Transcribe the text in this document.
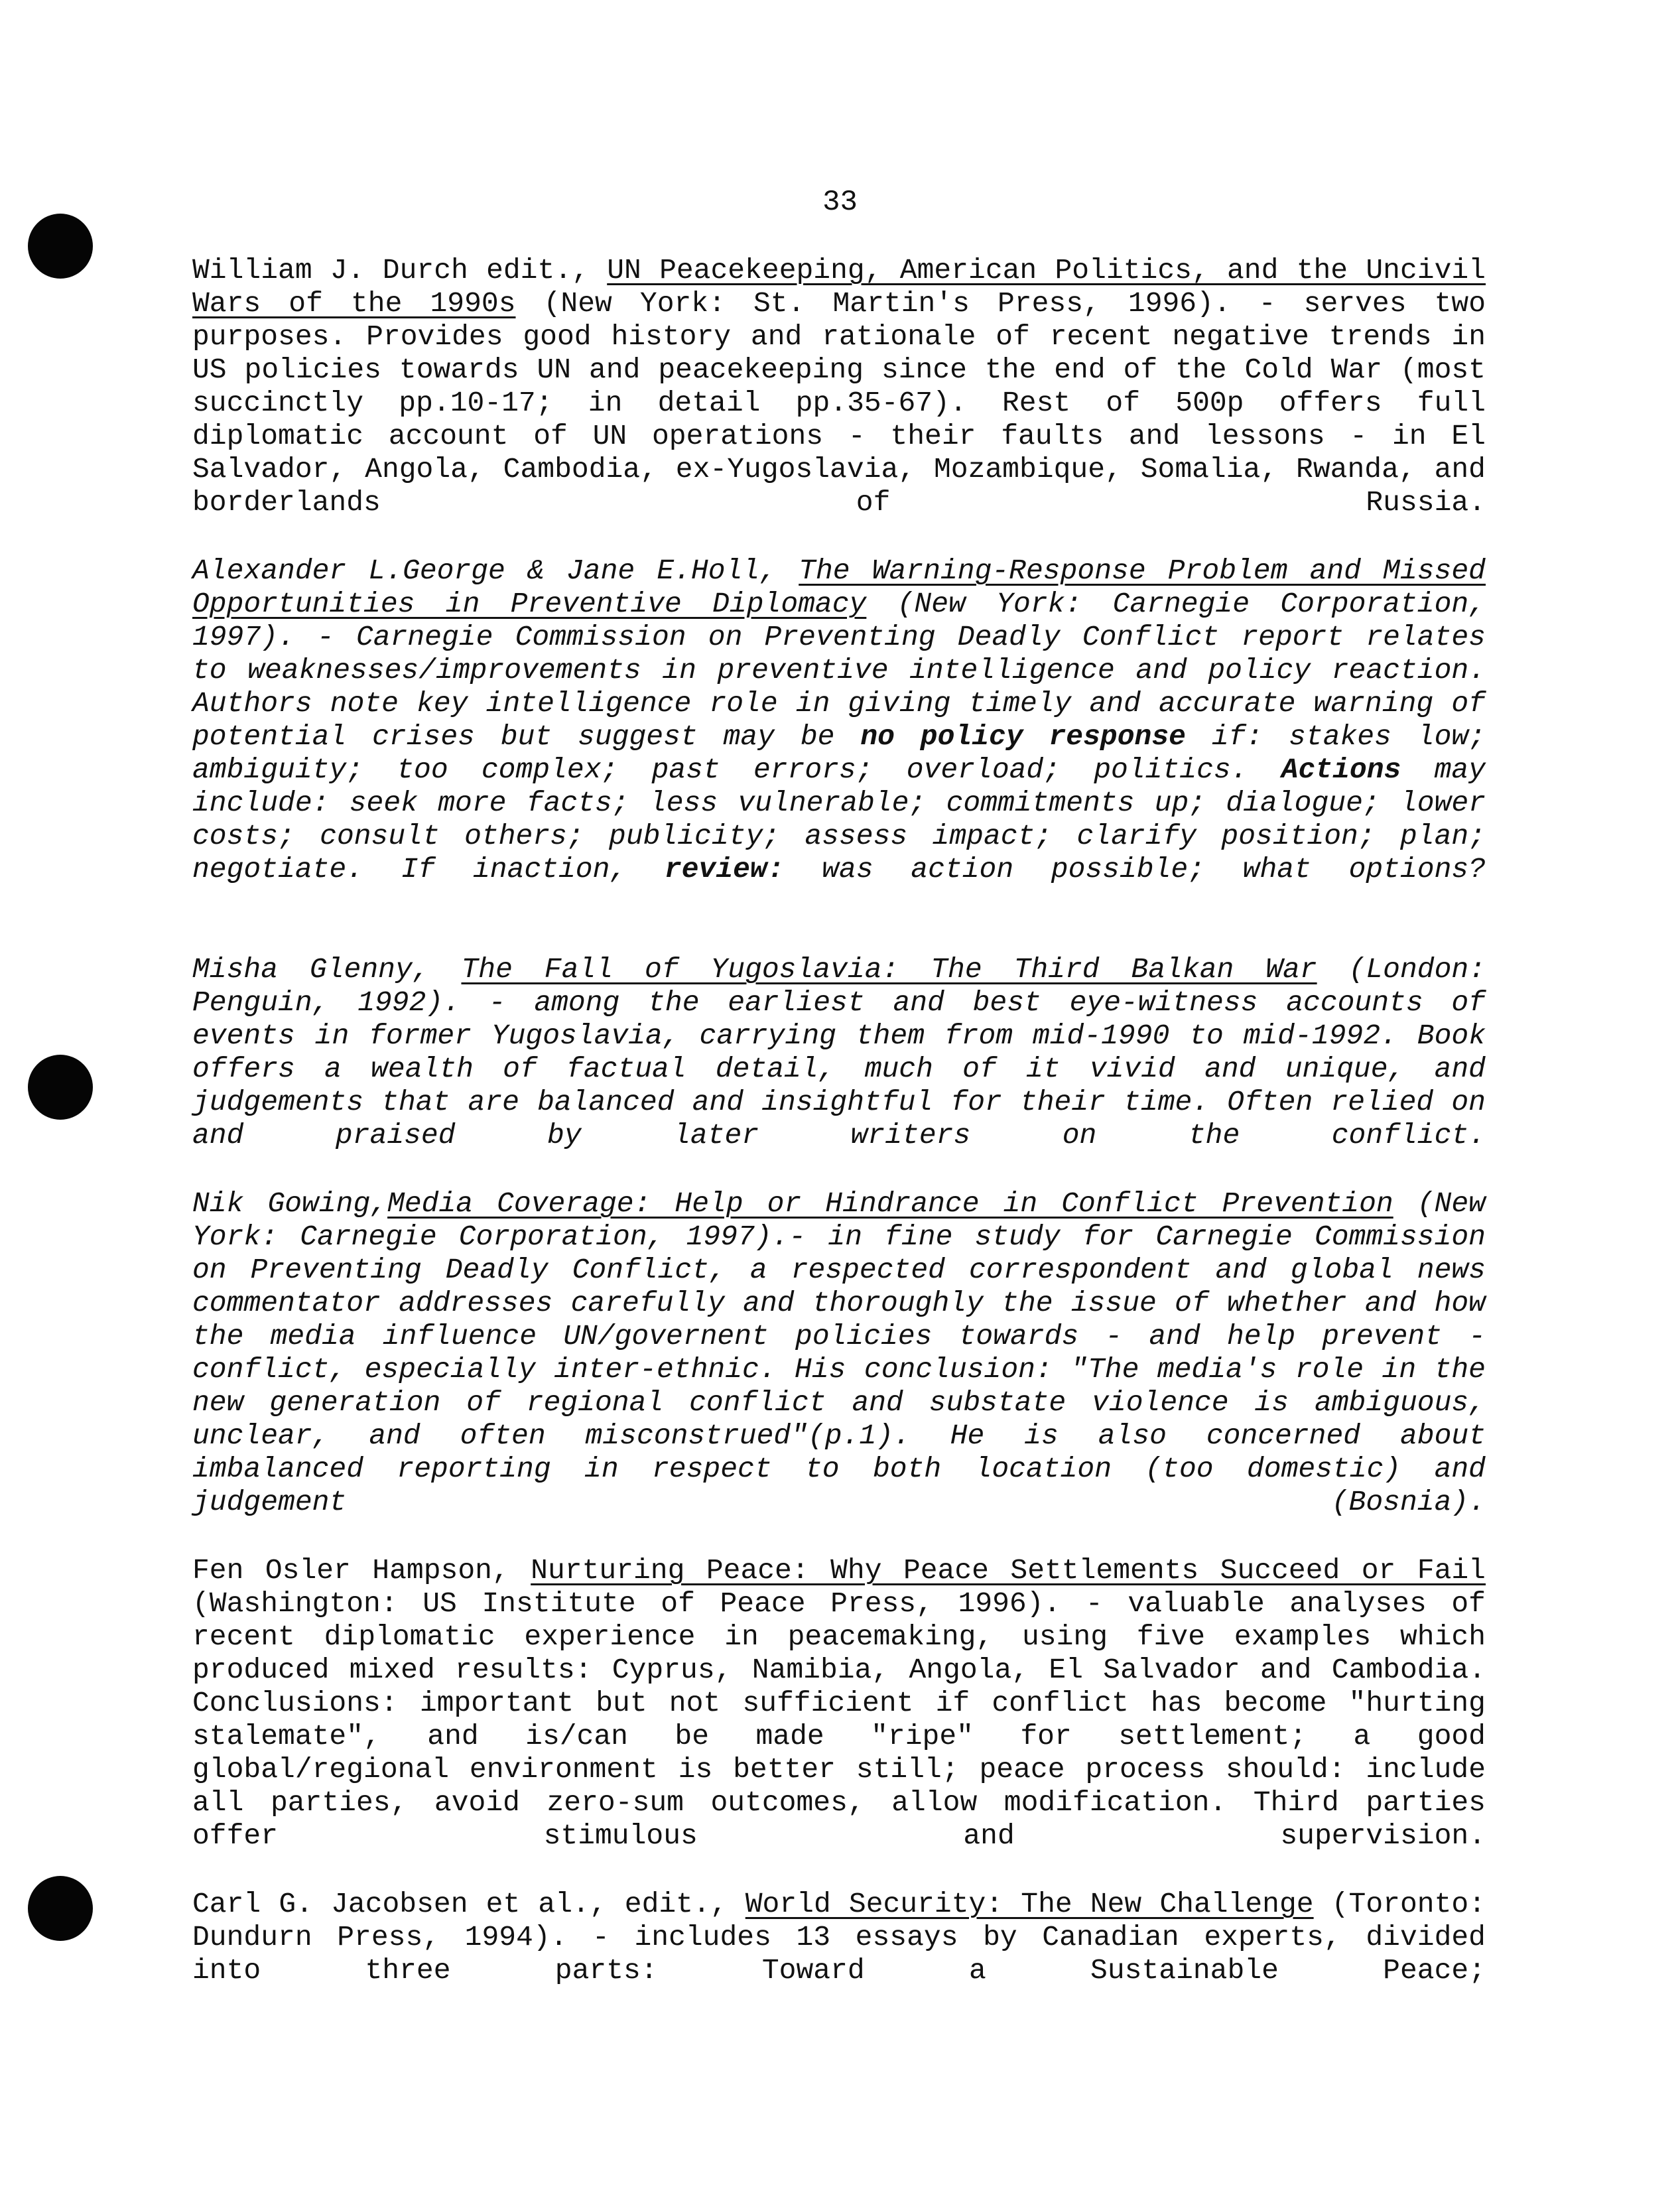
33

William J. Durch edit., UN Peacekeeping, American Politics, and the Uncivil Wars of the 1990s (New York: St. Martin's Press, 1996). - serves two purposes. Provides good history and rationale of recent negative trends in US policies towards UN and peacekeeping since the end of the Cold War (most succinctly pp.10-17; in detail pp.35-67). Rest of 500p offers full diplomatic account of UN operations - their faults and lessons - in El Salvador, Angola, Cambodia, ex-Yugoslavia, Mozambique, Somalia, Rwanda, and borderlands of Russia.

Alexander L.George & Jane E.Holl, The Warning-Response Problem and Missed Opportunities in Preventive Diplomacy (New York: Carnegie Corporation, 1997). - Carnegie Commission on Preventing Deadly Conflict report relates to weaknesses/improvements in preventive intelligence and policy reaction. Authors note key intelligence role in giving timely and accurate warning of potential crises but suggest may be no policy response if: stakes low; ambiguity; too complex; past errors; overload; politics. Actions may include: seek more facts; less vulnerable; commitments up; dialogue; lower costs; consult others; publicity; assess impact; clarify position; plan; negotiate. If inaction, review: was action possible; what options?

Misha Glenny, The Fall of Yugoslavia: The Third Balkan War (London: Penguin, 1992). - among the earliest and best eye-witness accounts of events in former Yugoslavia, carrying them from mid-1990 to mid-1992. Book offers a wealth of factual detail, much of it vivid and unique, and judgements that are balanced and insightful for their time. Often relied on and praised by later writers on the conflict.

Nik Gowing,Media Coverage: Help or Hindrance in Conflict Prevention (New York: Carnegie Corporation, 1997).- in fine study for Carnegie Commission on Preventing Deadly Conflict, a respected correspondent and global news commentator addresses carefully and thoroughly the issue of whether and how the media influence UN/governent policies towards - and help prevent - conflict, especially inter-ethnic. His conclusion: "The media's role in the new generation of regional conflict and substate violence is ambiguous, unclear, and often misconstrued"(p.1). He is also concerned about imbalanced reporting in respect to both location (too domestic) and judgement (Bosnia).

Fen Osler Hampson, Nurturing Peace: Why Peace Settlements Succeed or Fail (Washington: US Institute of Peace Press, 1996). - valuable analyses of recent diplomatic experience in peacemaking, using five examples which produced mixed results: Cyprus, Namibia, Angola, El Salvador and Cambodia. Conclusions: important but not sufficient if conflict has become "hurting stalemate", and is/can be made "ripe" for settlement; a good global/regional environment is better still; peace process should: include all parties, avoid zero-sum outcomes, allow modification. Third parties offer stimulous and supervision.

Carl G. Jacobsen et al., edit., World Security: The New Challenge (Toronto: Dundurn Press, 1994). - includes 13 essays by Canadian experts, divided into three parts: Toward a Sustainable Peace;
